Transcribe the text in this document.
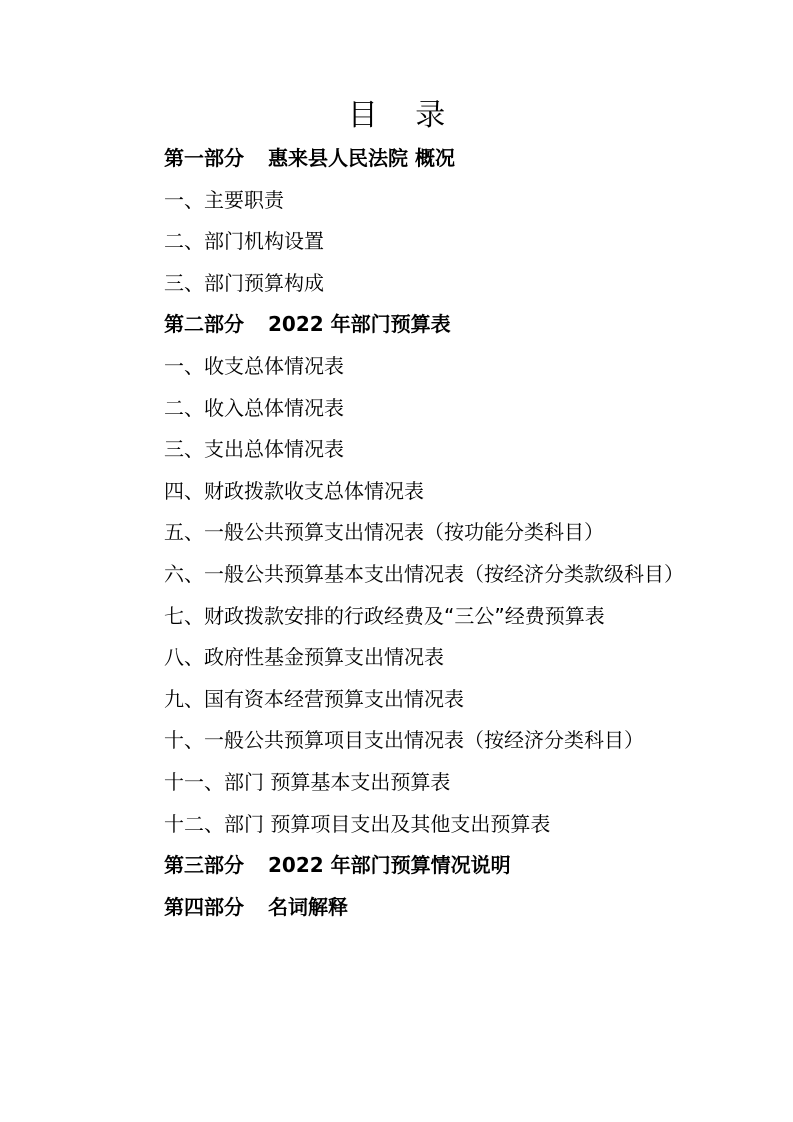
目 录
第一部分 惠来县人民法院 概况
一、主要职责
二、部门机构设置
三、部门预算构成
第二部分 2022 年部门预算表
一、收支总体情况表
二、收入总体情况表
三、支出总体情况表
四、财政拨款收支总体情况表
五、一般公共预算支出情况表（按功能分类科目）
六、一般公共预算基本支出情况表（按经济分类款级科目）
七、财政拨款安排的行政经费及“三公”经费预算表
八、政府性基金预算支出情况表
九、国有资本经营预算支出情况表
十、一般公共预算项目支出情况表（按经济分类科目）
十一、部门 预算基本支出预算表
十二、部门 预算项目支出及其他支出预算表
第三部分 2022 年部门预算情况说明
第四部分 名词解释
